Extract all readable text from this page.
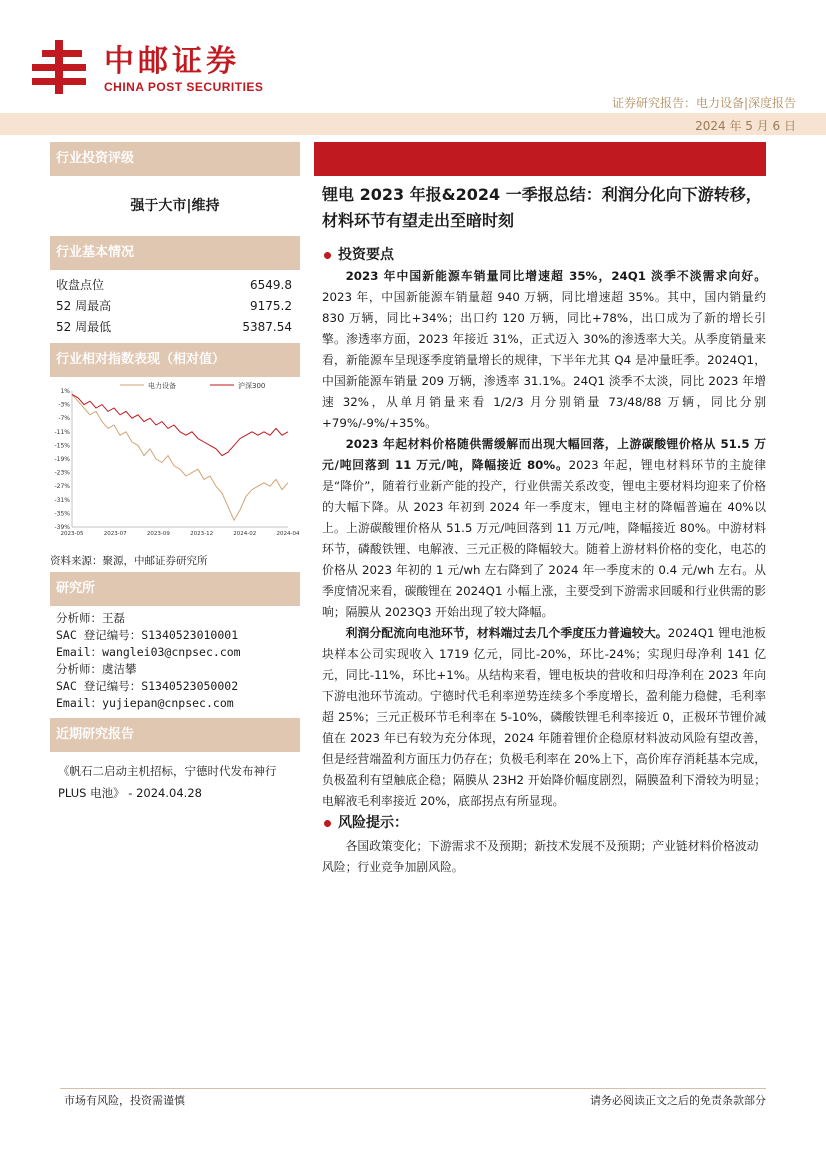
中邮证券
CHINA POST SECURITIES
证券研究报告：电力设备|深度报告
2024 年 5 月 6 日
行业投资评级
强于大市|维持
行业基本情况
收盘点位	6549.8
52 周最高	9175.2
52 周最低	5387.54
行业相对指数表现（相对值）
1%
-3%
-7%
-11%
-15%
-19%
-23%
-27%
-31%
-35%
-39%
2023-05	2023-07	2023-09	2023-12	2024-02	2024-04
电力设备	沪深300
资料来源：聚源，中邮证券研究所
研究所
分析师：王磊
SAC 登记编号：S1340523010001
Email：wanglei03@cnpsec.com
分析师：虞洁攀
SAC 登记编号：S1340523050002
Email：yujiepan@cnpsec.com
近期研究报告
《帆石二启动主机招标，宁德时代发布神行 PLUS 电池》 - 2024.04.28
锂电 2023 年报&2024 一季报总结：利润分化向下游转移，材料环节有望走出至暗时刻
投资要点
2023 年中国新能源车销量同比增速超 35%，24Q1 淡季不淡需求向好。2023 年，中国新能源车销量超 940 万辆，同比增速超 35%。其中，国内销量约 830 万辆，同比+34%；出口约 120 万辆，同比+78%，出口成为了新的增长引擎。渗透率方面，2023 年接近 31%，正式迈入 30%的渗透率大关。从季度销量来看，新能源车呈现逐季度销量增长的规律，下半年尤其 Q4 是冲量旺季。2024Q1，中国新能源车销量 209 万辆，渗透率 31.1%。24Q1 淡季不太淡，同比 2023 年增速 32%，从单月销量来看 1/2/3 月分别销量 73/48/88 万辆，同比分别+79%/-9%/+35%。
2023 年起材料价格随供需缓解而出现大幅回落，上游碳酸锂价格从 51.5 万元/吨回落到 11 万元/吨，降幅接近 80%。2023 年起，锂电材料环节的主旋律是“降价”，随着行业新产能的投产，行业供需关系改变，锂电主要材料均迎来了价格的大幅下降。从 2023 年初到 2024 年一季度末，锂电主材的降幅普遍在 40%以上。上游碳酸锂价格从 51.5 万元/吨回落到 11 万元/吨，降幅接近 80%。中游材料环节，磷酸铁锂、电解液、三元正极的降幅较大。随着上游材料价格的变化，电芯的价格从 2023 年初的 1 元/wh 左右降到了 2024 年一季度末的 0.4 元/wh 左右。从季度情况来看，碳酸锂在 2024Q1 小幅上涨，主要受到下游需求回暖和行业供需的影响；隔膜从 2023Q3 开始出现了较大降幅。
利润分配流向电池环节，材料端过去几个季度压力普遍较大。2024Q1 锂电池板块样本公司实现收入 1719 亿元，同比-20%，环比-24%；实现归母净利 141 亿元，同比-11%，环比+1%。从结构来看，锂电板块的营收和归母净利在 2023 年向下游电池环节流动。宁德时代毛利率逆势连续多个季度增长，盈利能力稳健，毛利率超 25%；三元正极环节毛利率在 5-10%，磷酸铁锂毛利率接近 0，正极环节锂价减值在 2023 年已有较为充分体现，2024 年随着锂价企稳原材料波动风险有望改善，但是经营端盈利方面压力仍存在；负极毛利率在 20%上下，高价库存消耗基本完成，负极盈利有望触底企稳；隔膜从 23H2 开始降价幅度剧烈，隔膜盈利下滑较为明显；电解液毛利率接近 20%，底部拐点有所显现。
风险提示：
各国政策变化；下游需求不及预期；新技术发展不及预期；产业链材料价格波动风险；行业竞争加剧风险。
市场有风险，投资需谨慎	请务必阅读正文之后的免责条款部分
